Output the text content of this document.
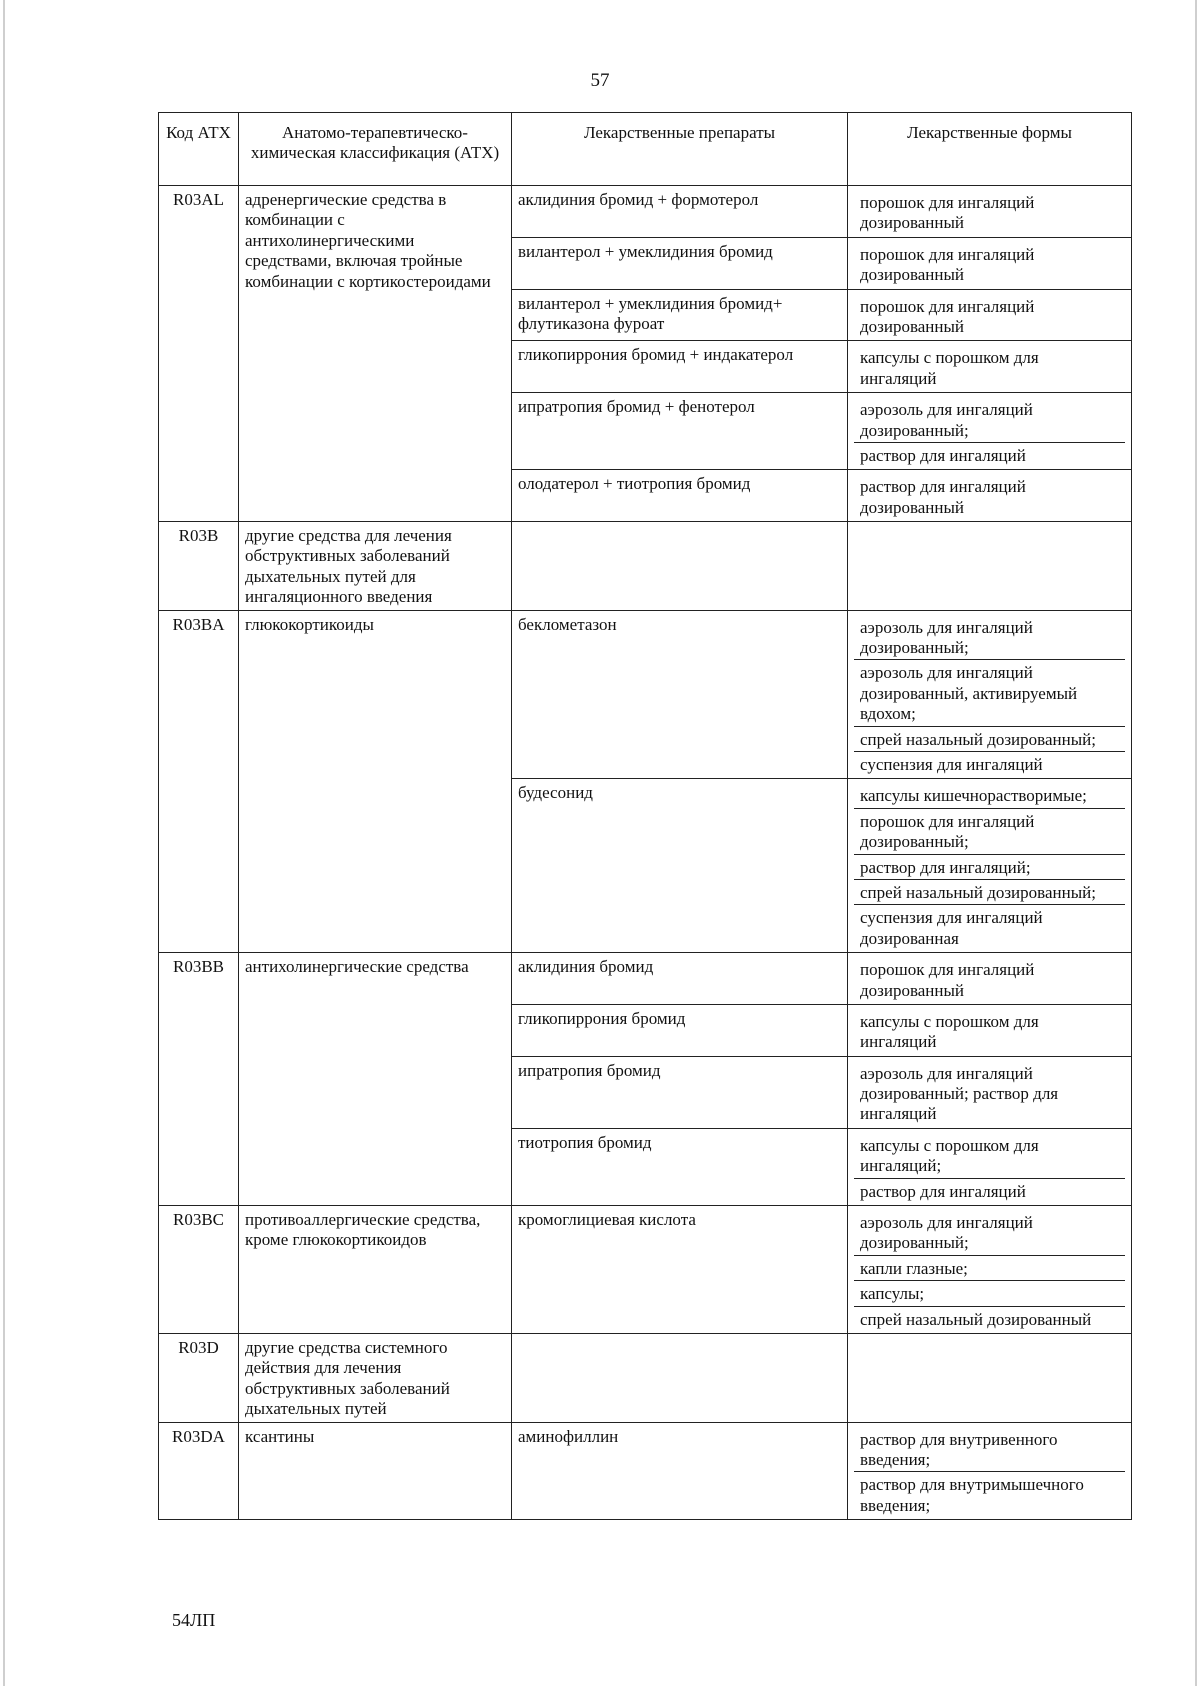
57
Код АТХ	Анатомо-терапевтическо-химическая классификация (АТХ)	Лекарственные препараты	Лекарственные формы
R03AL	адренергические средства в комбинации с антихолинергическими средствами, включая тройные комбинации с кортикостероидами	аклидиния бромид + формотерол	порошок для ингаляций дозированный

		вилантерол + умеклидиния бромид	порошок для ингаляций дозированный

		вилантерол + умеклидиния бромид+ флутиказона фуроат	порошок для ингаляций дозированный

		гликопиррония бромид + индакатерол	капсулы с порошком для ингаляций

		ипратропия бромид + фенотерол	аэрозоль для ингаляций дозированный;
раствор для ингаляций

		олодатерол + тиотропия бромид	раствор для ингаляций дозированный

R03B	другие средства для лечения обструктивных заболеваний дыхательных путей для ингаляционного введения		
R03BA	глюкокортикоиды	беклометазон	аэрозоль для ингаляций дозированный;
аэрозоль для ингаляций дозированный, активируемый вдохом;
спрей назальный дозированный;
суспензия для ингаляций

		будесонид	капсулы кишечнорастворимые;
порошок для ингаляций дозированный;
раствор для ингаляций;
спрей назальный дозированный;
суспензия для ингаляций дозированная

R03BB	антихолинергические средства	аклидиния бромид	порошок для ингаляций дозированный

		гликопиррония бромид	капсулы с порошком для ингаляций

		ипратропия бромид	аэрозоль для ингаляций дозированный; раствор для ингаляций

		тиотропия бромид	капсулы с порошком для ингаляций;
раствор для ингаляций

R03BC	противоаллергические средства, кроме глюкокортикоидов	кромоглициевая кислота	аэрозоль для ингаляций дозированный;
капли глазные;
капсулы;
спрей назальный дозированный

R03D	другие средства системного действия для лечения обструктивных заболеваний дыхательных путей		
R03DA	ксантины	аминофиллин	раствор для внутривенного введения;
раствор для внутримышечного введения;
54ЛП
